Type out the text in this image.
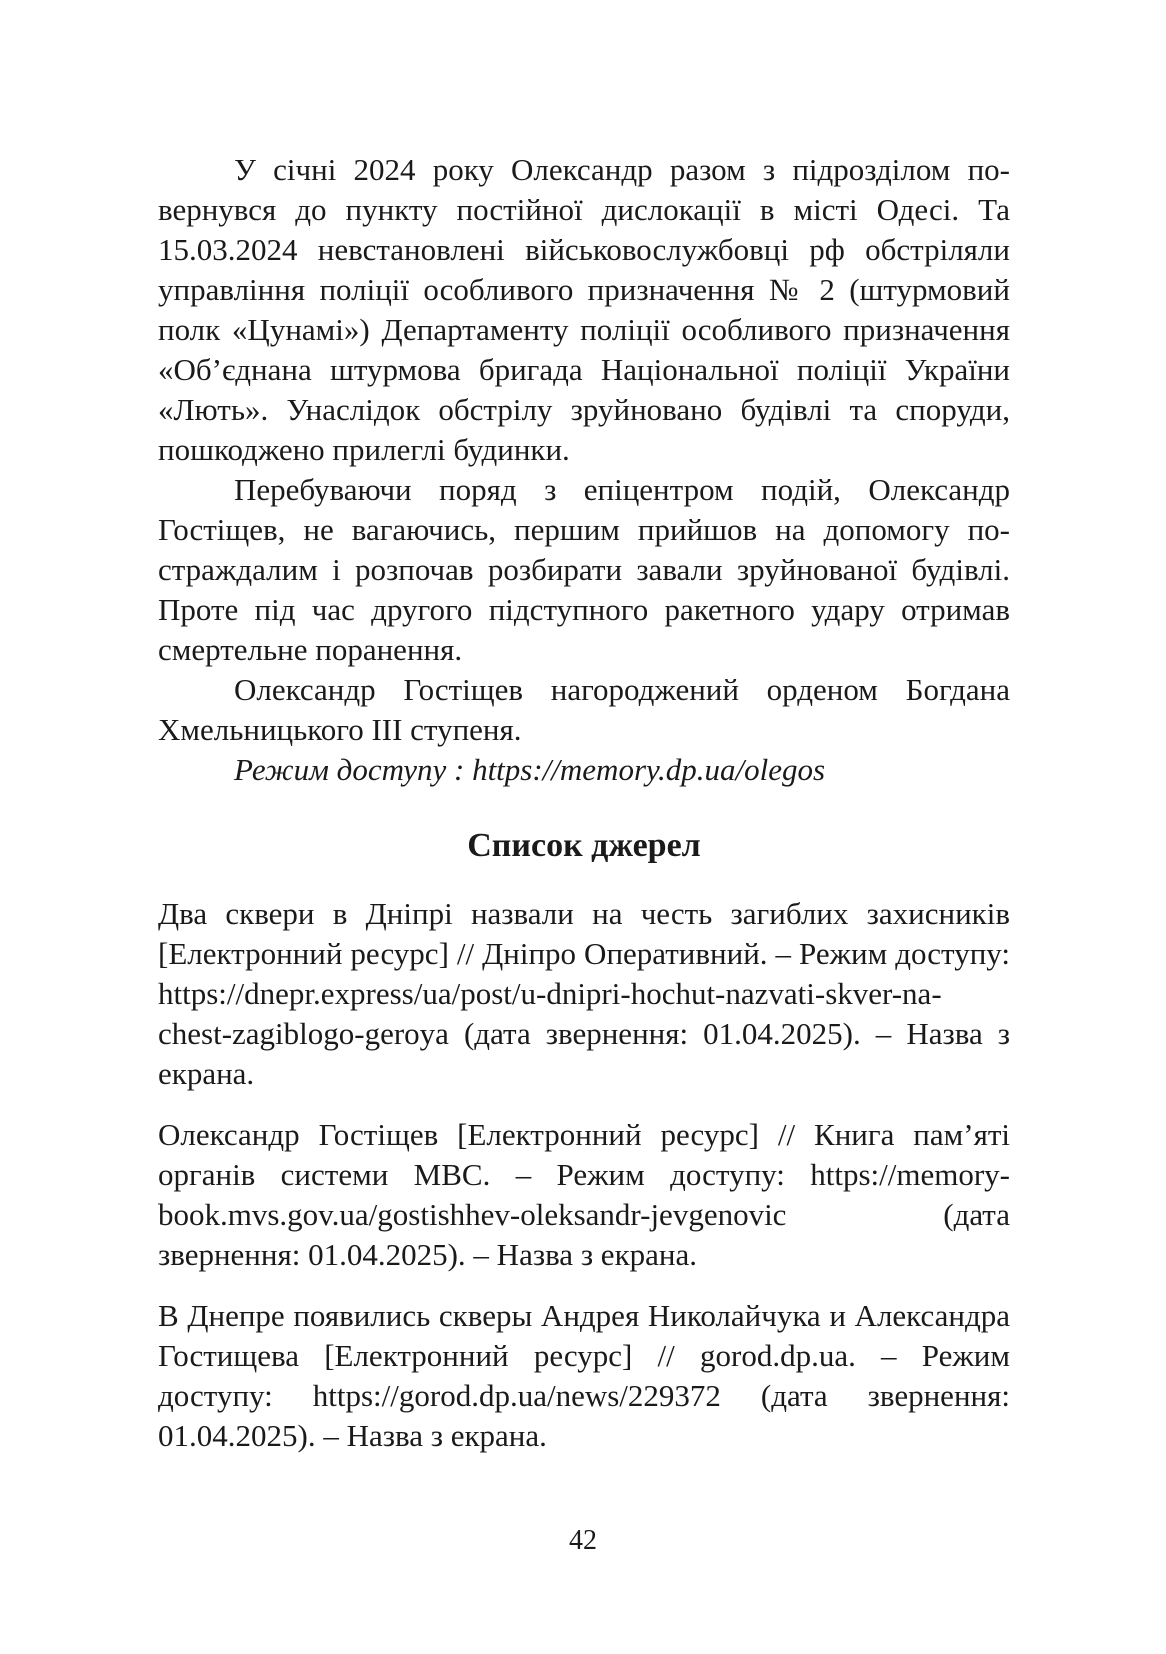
У січні 2024 року Олександр разом з підрозділом повернувся до пункту постійної дислокації в місті Одесі. Та 15.03.2024 невстановлені військовослужбовці рф обстріляли управління поліції особливого призначення № 2 (штурмовий полк «Цунамі») Департаменту поліції особливого призначення «Об’єднана штурмова бригада Національної поліції України «Лють». Унаслідок обстрілу зруйновано будівлі та споруди, пошкоджено прилеглі будинки.

Перебуваючи поряд з епіцентром подій, Олександр Гостіщев, не вагаючись, першим прийшов на допомогу постраждалим і розпочав розбирати завали зруйнованої будівлі. Проте під час другого підступного ракетного удару отримав смертельне поранення.

Олександр Гостіщев нагороджений орденом Богдана Хмельницького ІІІ ступеня.

Режим доступу : https://memory.dp.ua/olegos

Список джерел

Два сквери в Дніпрі назвали на честь загиблих захисників [Електронний ресурс] // Дніпро Оперативний. – Режим доступу: https://dnepr.express/ua/post/u-dnipri-hochut-​nazvati-skver-na-chest-zagiblogo-geroya (дата звернення: 01.04.2025). – Назва з екрана.

Олександр Гостіщев [Електронний ресурс] // Книга пам’яті органів системи МВС. – Режим доступу: https://​memory-book.mvs.gov.ua/gostishhev-oleksandr-jevgenovic (дата звернення: 01.04.2025). – Назва з екрана.

В Днепре появились скверы Андрея Николайчука и Александра Гостищева [Електронний ресурс] // gorod.dp.ua. – Режим доступу: https://gorod.dp.ua/news/229372 (дата звернення: 01.04.2025). – Назва з екрана.

42
